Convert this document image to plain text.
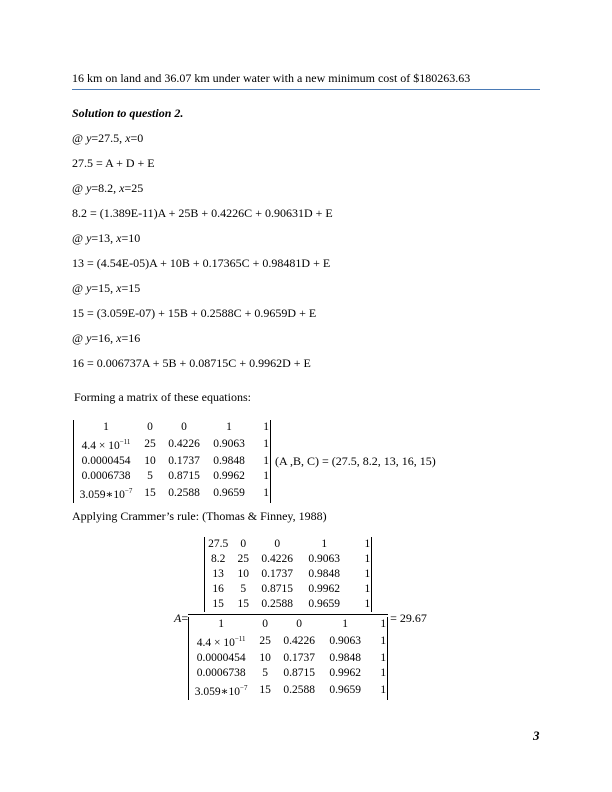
16 km on land and 36.07 km under water with a new minimum cost of $180263.63
Solution to question 2.
@ y=27.5, x=0
27.5 = A + D + E
@ y=8.2, x=25
8.2 = (1.389E-11)A + 25B + 0.4226C + 0.90631D + E
@ y=13, x=10
13 = (4.54E-05)A + 10B + 0.17365C + 0.98481D + E
@ y=15, x=15
15 = (3.059E-07) + 15B + 0.2588C + 0.9659D + E
@ y=16, x=16
16 = 0.006737A + 5B + 0.08715C + 0.9962D + E
Forming a matrix of these equations:
1	0	0	1	1
$4.4 \times 10^{-11}$	25	0.4226	0.9063	1
0.0000454	10	0.1737	0.9848	1
0.0006738	5	0.8715	0.9962	1
$3.059∗10^{-7}$	15	0.2588	0.9659	1
(A ,B, C) = (27.5, 8.2, 13, 16, 15)
Applying Crammer’s rule: (Thomas & Finney, 1988)
A=
27.5	0	0	1	1
8.2	25	0.4226	0.9063	1
13	10	0.1737	0.9848	1
16	5	0.8715	0.9962	1
15	15	0.2588	0.9659	1
1	0	0	1	1
$4.4 \times 10^{-11}$	25	0.4226	0.9063	1
0.0000454	10	0.1737	0.9848	1
0.0006738	5	0.8715	0.9962	1
$3.059∗10^{-7}$	15	0.2588	0.9659	1
= 29.67
3
